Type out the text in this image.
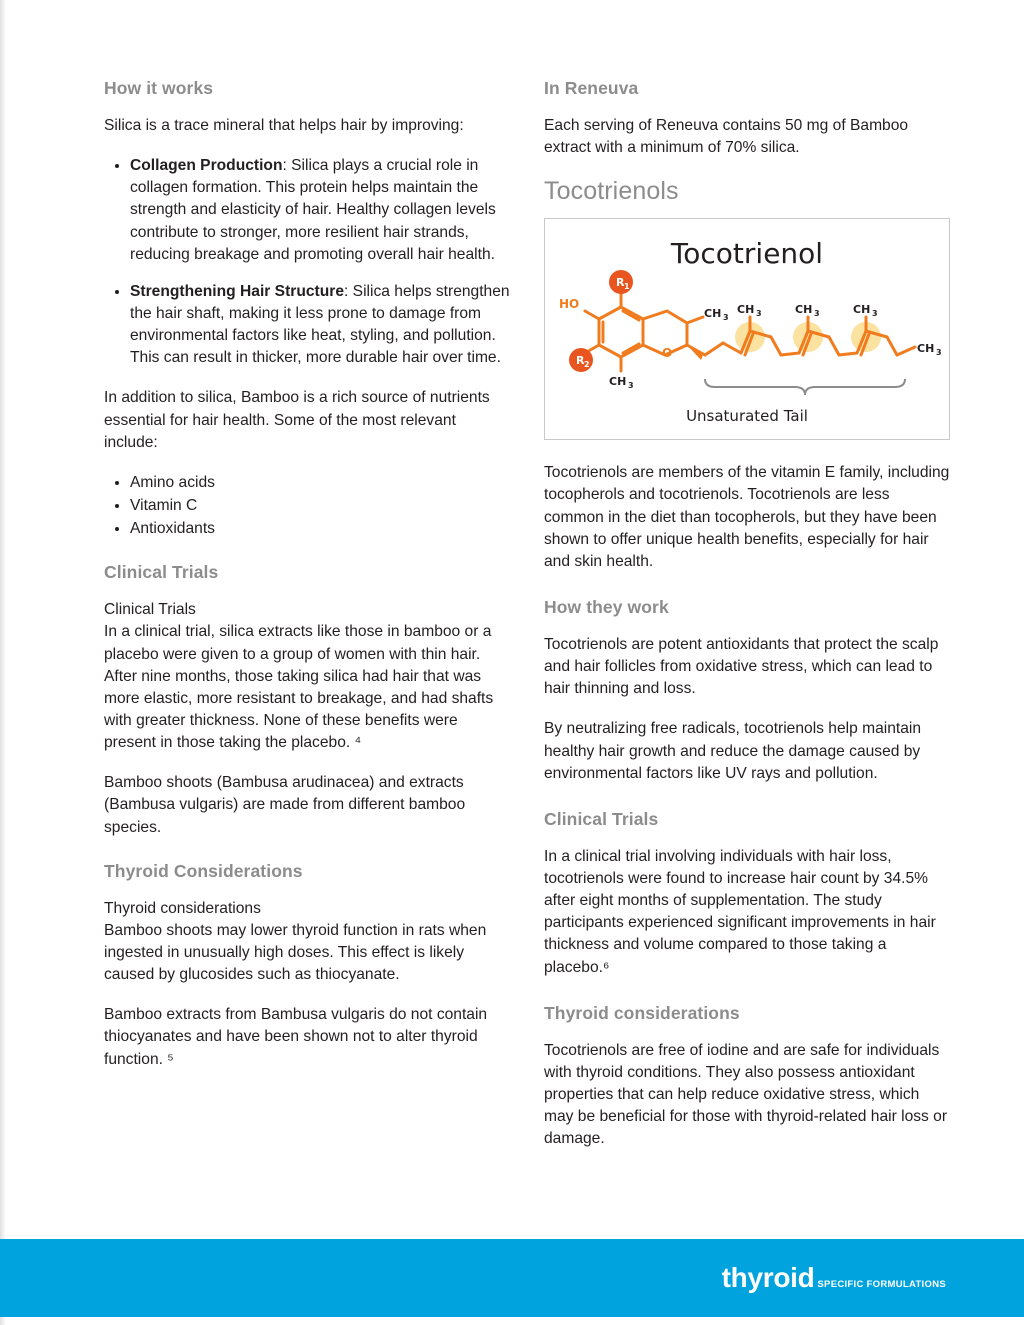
How it works

Silica is a trace mineral that helps hair by improving:

• Collagen Production: Silica plays a crucial role in collagen formation. This protein helps maintain the strength and elasticity of hair. Healthy collagen levels contribute to stronger, more resilient hair strands, reducing breakage and promoting overall hair health.
• Strengthening Hair Structure: Silica helps strengthen the hair shaft, making it less prone to damage from environmental factors like heat, styling, and pollution. This can result in thicker, more durable hair over time.

In addition to silica, Bamboo is a rich source of nutrients essential for hair health. Some of the most relevant include:

• Amino acids
• Vitamin C
• Antioxidants
Clinical Trials

Clinical Trials

In a clinical trial, silica extracts like those in bamboo or a placebo were given to a group of women with thin hair. After nine months, those taking silica had hair that was more elastic, more resistant to breakage, and had shafts with greater thickness. None of these benefits were present in those taking the placebo. ⁴

Bamboo shoots (Bambusa arudinacea) and extracts (Bambusa vulgaris) are made from different bamboo species.

Thyroid Considerations

Thyroid considerations

Bamboo shoots may lower thyroid function in rats when ingested in unusually high doses. This effect is likely caused by glucosides such as thiocyanate.

Bamboo extracts from Bambusa vulgaris do not contain thiocyanates and have been shown not to alter thyroid function. ⁵

In Reneuva

Each serving of Reneuva contains 50 mg of Bamboo extract with a minimum of 70% silica.

Tocotrienols
Tocotrienol
R 1
R 2
HO
O
CH 3
CH 3
CH 3	CH 3	CH 3
CH 3
Unsaturated Tail

Tocotrienols are members of the vitamin E family, including tocopherols and tocotrienols. Tocotrienols are less common in the diet than tocopherols, but they have been shown to offer unique health benefits, especially for hair and skin health.

How they work

Tocotrienols are potent antioxidants that protect the scalp and hair follicles from oxidative stress, which can lead to hair thinning and loss.

By neutralizing free radicals, tocotrienols help maintain healthy hair growth and reduce the damage caused by environmental factors like UV rays and pollution.

Clinical Trials

In a clinical trial involving individuals with hair loss, tocotrienols were found to increase hair count by 34.5% after eight months of supplementation. The study participants experienced significant improvements in hair thickness and volume compared to those taking a placebo.⁶

Thyroid considerations

Tocotrienols are free of iodine and are safe for individuals with thyroid conditions. They also possess antioxidant properties that can help reduce oxidative stress, which may be beneficial for those with thyroid-related hair loss or damage.

thyroid SPECIFIC FORMULATIONS
